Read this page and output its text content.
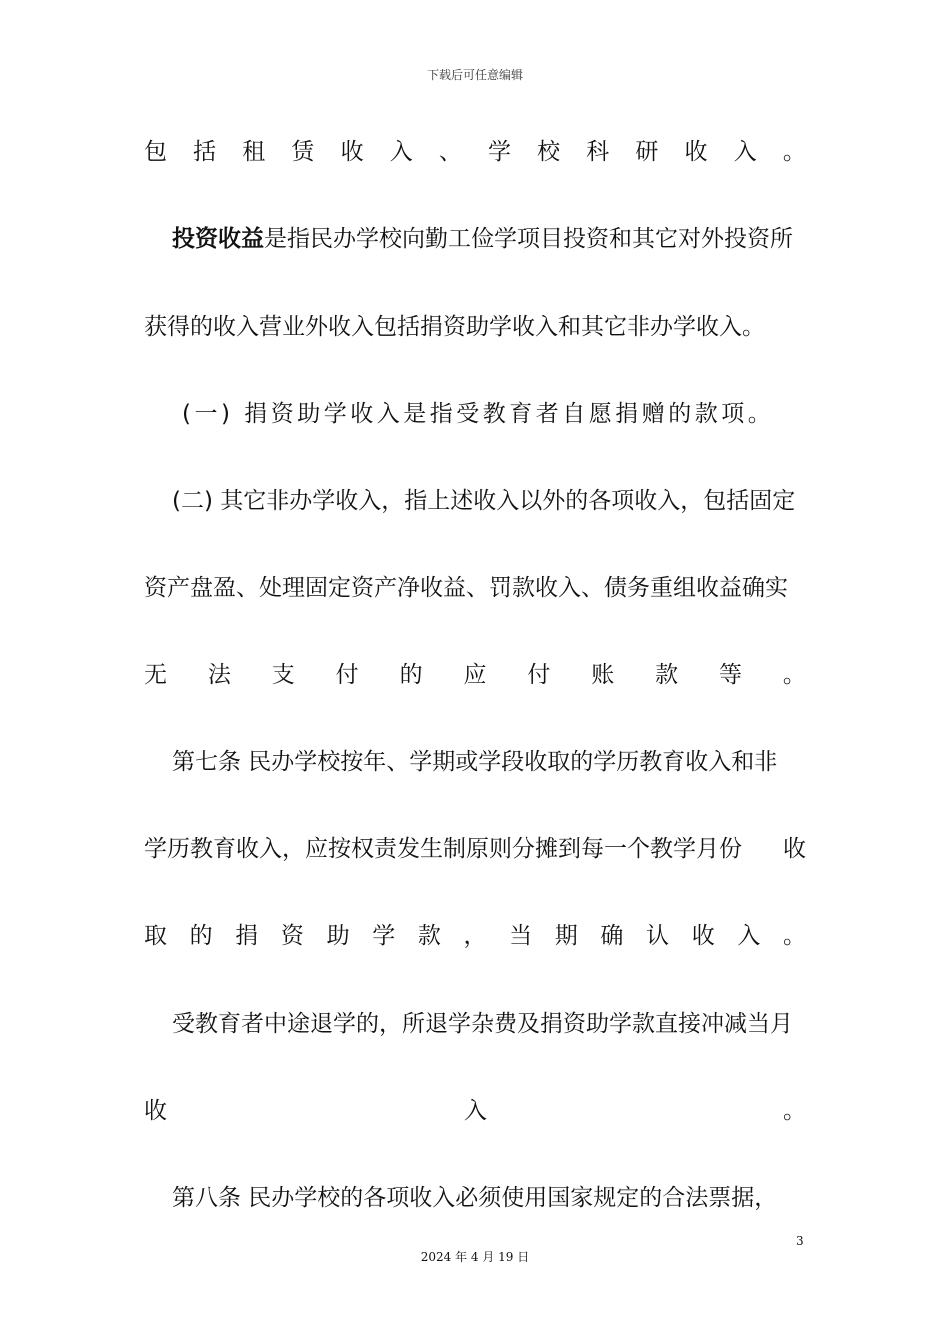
下载后可任意编辑
包 括 租 赁 收 入 、 学 校 科 研 收 入 。
投资收益是指民办学校向勤工俭学项目投资和其它对外投资所
获得的收入营业外收入包括捐资助学收入和其它非办学收入。
(一) 捐资助学收入是指受教育者自愿捐赠的款项。
(二) 其它非办学收入，指上述收入以外的各项收入，包括固定
资产盘盈、处理固定资产净收益、罚款收入、债务重组收益确实
无 法 支 付 的 应 付 账 款 等 。
第七条 民办学校按年、学期或学段收取的学历教育收入和非
学历教育收入，应按权责发生制原则分摊到每一个教学月份 收
取 的 捐 资 助 学 款 ， 当 期 确 认 收 入 。
受教育者中途退学的，所退学杂费及捐资助学款直接冲减当月
收	入	。
第八条 民办学校的各项收入必须使用国家规定的合法票据，
3
2024 年 4 月 19 日
